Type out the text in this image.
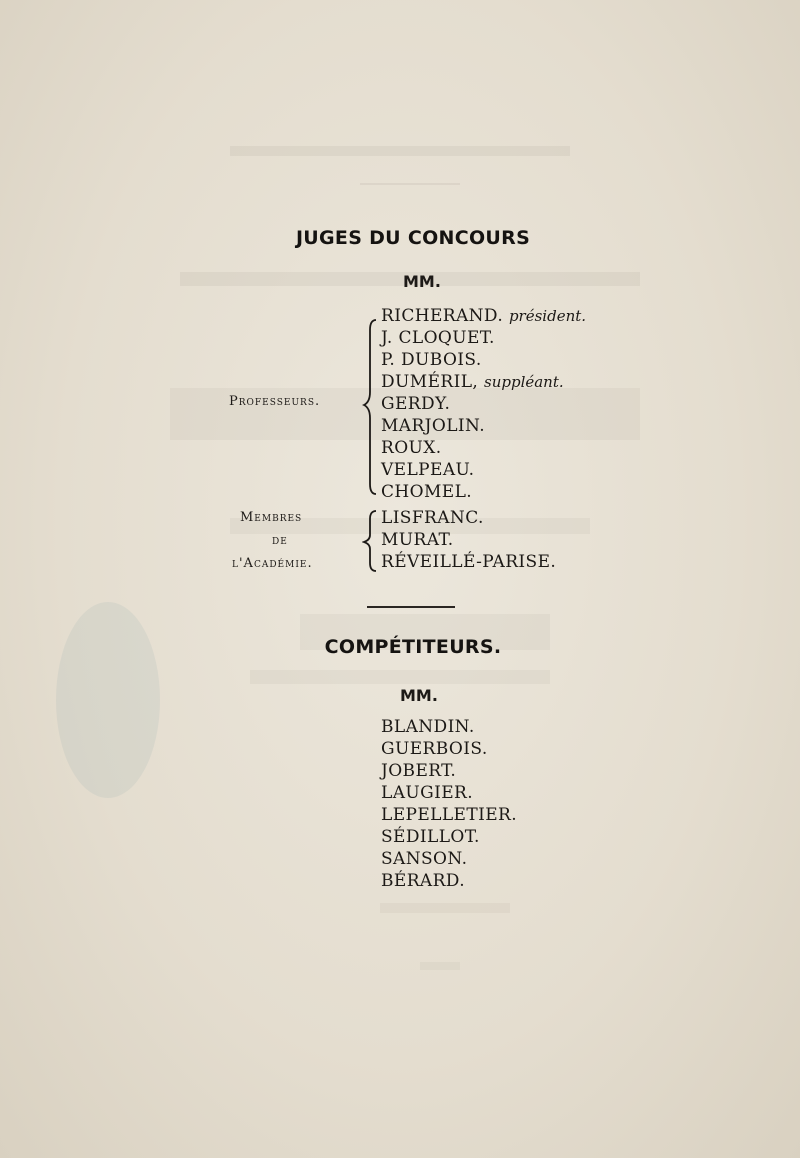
JUGES DU CONCOURS
MM.
Professeurs.
RICHERAND. président.
J. CLOQUET.
P. DUBOIS.
DUMÉRIL, suppléant.
GERDY.
MARJOLIN.
ROUX.
VELPEAU.
CHOMEL.
Membres
de
l'Académie.
LISFRANC.
MURAT.
RÉVEILLÉ-PARISE.
COMPÉTITEURS.
MM.
BLANDIN.
GUERBOIS.
JOBERT.
LAUGIER.
LEPELLETIER.
SÉDILLOT.
SANSON.
BÉRARD.
